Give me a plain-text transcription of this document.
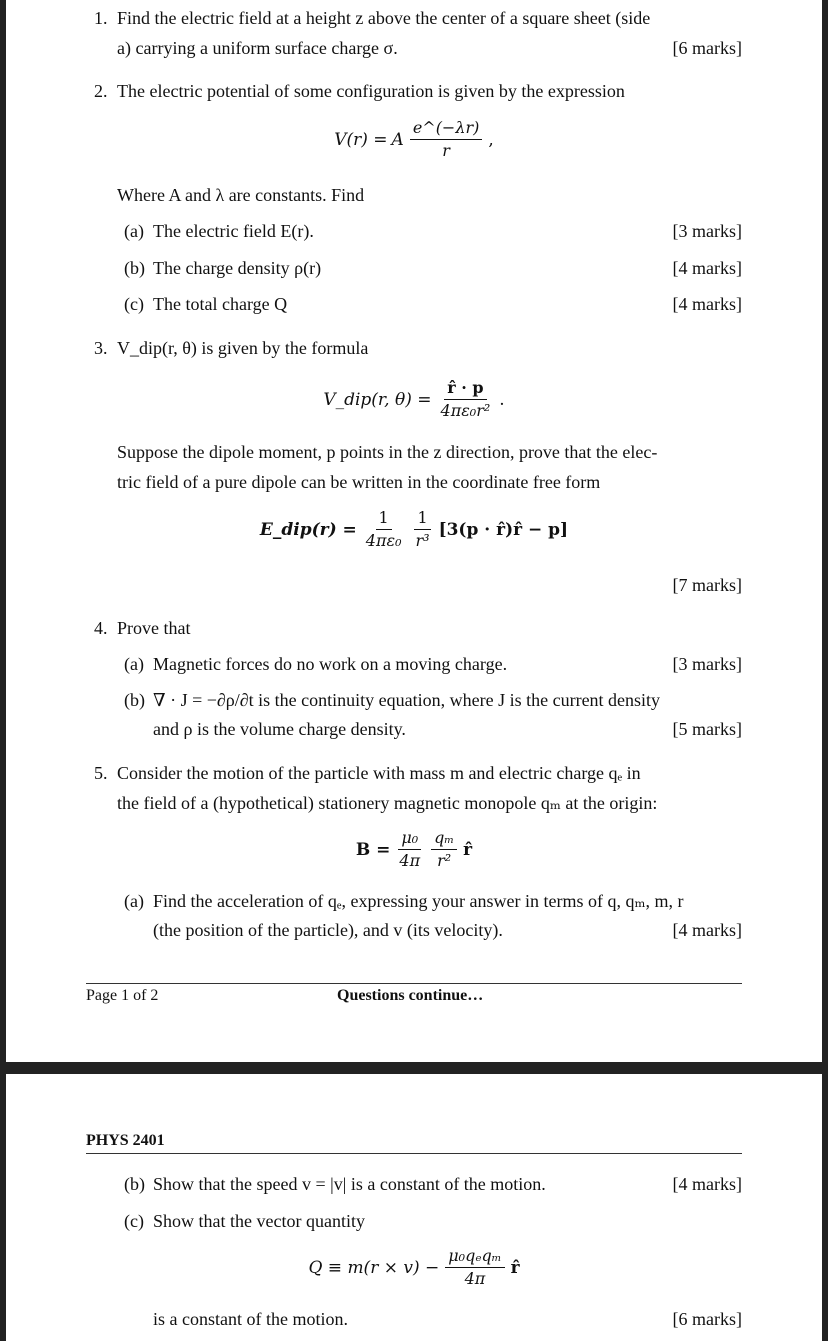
1. Find the electric field at a height z above the center of a square sheet (side
a) carrying a uniform surface charge σ.	[6 marks]
2. The electric potential of some configuration is given by the expression
V(r) = A $\frac{e\^{}(-\lambda r)}{r}$ ,
Where A and λ are constants. Find
(a) The electric field E(r).	[3 marks]
(b) The charge density ρ(r)	[4 marks]
(c) The total charge Q	[4 marks]
3. V_dip(r, θ) is given by the formula
V_dip(r, $\theta) = \frac{r̂ \cdot p}{\text{4πε₀r²}}$ .
Suppose the dipole moment, p points in the z direction, prove that the elec-
tric field of a pure dipole can be written in the coordinate free form
E_dip(r) = $\frac{1}{\text{4πε₀}} \frac{1}{\text{r³}} [3(p$ · r̂)r̂ − p]
[7 marks]
4. Prove that
(a) Magnetic forces do no work on a moving charge.	[3 marks]
(b) ∇ · J = −∂ρ/∂t is the continuity equation, where J is the current density
and ρ is the volume charge density.	[5 marks]
5. Consider the motion of the particle with mass m and electric charge qₑ in
the field of a (hypothetical) stationery magnetic monopole qₘ at the origin:
$B = \frac{\text{μ₀}}{4\pi} \frac{\text{qₘ}}{\text{r²}}$ r̂
(a) Find the acceleration of qₑ, expressing your answer in terms of q, qₘ, m, r
(the position of the particle), and v (its velocity).	[4 marks]
Page 1 of 2	Questions continue…
PHYS 2401
(b) Show that the speed v = |v| is a constant of the motion.	[4 marks]
(c) Show that the vector quantity
$Q \equiv m(r \times v) - \frac{\text{μ₀qₑqₘ}}{4\pi}$ r̂
is a constant of the motion.	[6 marks]
